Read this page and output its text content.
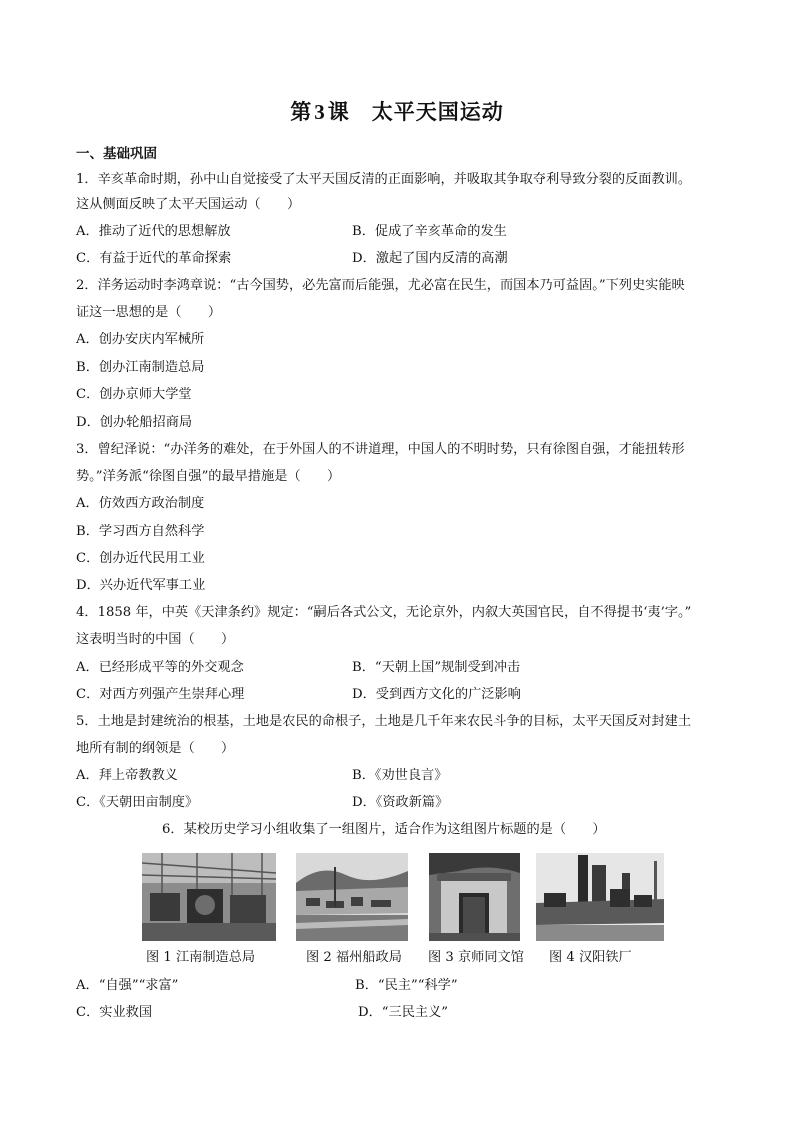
第3课 太平天国运动
一、基础巩固
1．辛亥革命时期，孙中山自觉接受了太平天国反清的正面影响，并吸取其争取夺利导致分裂的反面教训。
这从侧面反映了太平天国运动（　　）
A．推动了近代的思想解放	B．促成了辛亥革命的发生
C．有益于近代的革命探索	D．激起了国内反清的高潮
2．洋务运动时李鸿章说：“古今国势，必先富而后能强，尤必富在民生，而国本乃可益固。”下列史实能映
证这一思想的是（　　）
A．创办安庆内军械所
B．创办江南制造总局
C．创办京师大学堂
D．创办轮船招商局
3．曾纪泽说：“办洋务的难处，在于外国人的不讲道理，中国人的不明时势，只有徐图自强，才能扭转形
势。”洋务派“徐图自强”的最早措施是（　　）
A．仿效西方政治制度
B．学习西方自然科学
C．创办近代民用工业
D．兴办近代军事工业
4．1858 年，中英《天津条约》规定：“嗣后各式公文，无论京外，内叙大英国官民，自不得提书‘夷’字。”
这表明当时的中国（　　）
A．已经形成平等的外交观念	B．“天朝上国”规制受到冲击
C．对西方列强产生崇拜心理	D．受到西方文化的广泛影响
5．土地是封建统治的根基，土地是农民的命根子，土地是几千年来农民斗争的目标，太平天国反对封建土
地所有制的纲领是（　　）
A．拜上帝教教义	B．《劝世良言》
C．《天朝田亩制度》	D．《资政新篇》
6．某校历史学习小组收集了一组图片，适合作为这组图片标题的是（　　）
图 1 江南制造总局	图 2 福州船政局 图 3 京师同文馆 图 4 汉阳铁厂
A．“自强”“求富”	B．“民主”“科学”
C．实业救国	D．“三民主义”
